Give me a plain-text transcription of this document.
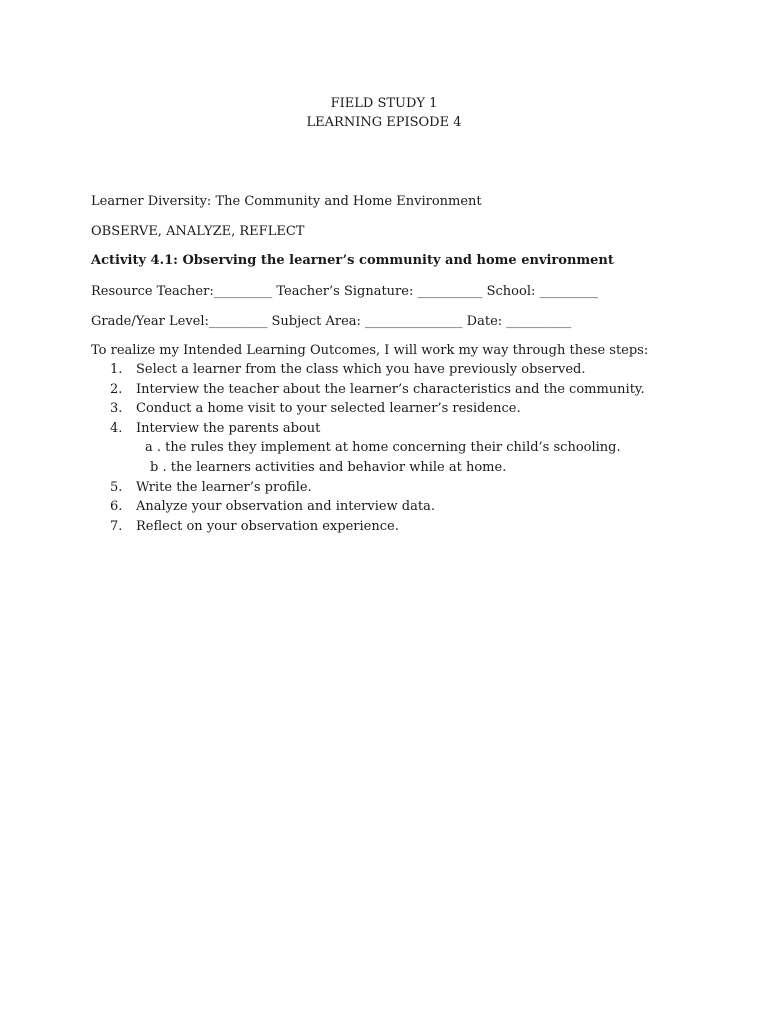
FIELD STUDY 1
LEARNING EPISODE 4
Learner Diversity: The Community and Home Environment
OBSERVE, ANALYZE, REFLECT
Activity 4.1: Observing the learner’s community and home environment
Resource Teacher:_________ Teacher’s Signature: __________ School: _________
Grade/Year Level:_________ Subject Area: _______________ Date: __________
To realize my Intended Learning Outcomes, I will work my way through these steps:
1. Select a learner from the class which you have previously observed.
2. Interview the teacher about the learner’s characteristics and the community.
3. Conduct a home visit to your selected learner’s residence.
4. Interview the parents about
a . the rules they implement at home concerning their child’s schooling.
b . the learners activities and behavior while at home.
5. Write the learner’s profile.
6. Analyze your observation and interview data.
7. Reflect on your observation experience.
